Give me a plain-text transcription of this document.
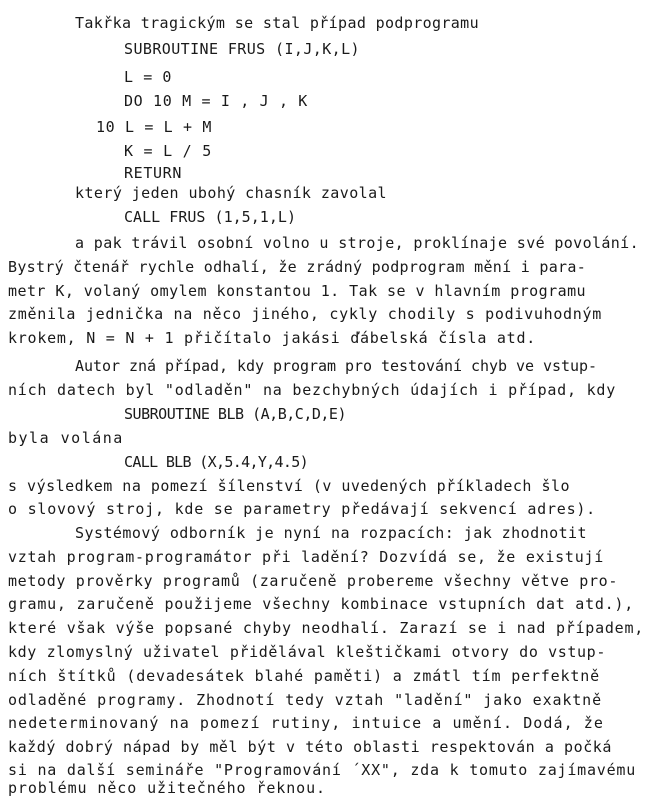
Takřka tragickým se stal případ podprogramu
SUBROUTINE FRUS (I,J,K,L)
L = 0
DO 10 M = I , J , K
10 L = L + M
K = L / 5
RETURN
který jeden ubohý chasník zavolal
CALL FRUS (1,5,1,L)
a pak trávil osobní volno u stroje, proklínaje své povolání.
Bystrý čtenář rychle odhalí, že zrádný podprogram mění i para-
metr K, volaný omylem konstantou 1. Tak se v hlavním programu
změnila jednička na něco jiného, cykly chodily s podivuhodným
krokem, N = N + 1 přičítalo jakási ďábelská čísla atd.
Autor zná případ, kdy program pro testování chyb ve vstup-
ních datech byl "odladěn" na bezchybných údajích i případ, kdy
SUBROUTINE BLB (A,B,C,D,E)
byla volána
CALL BLB (X,5.4,Y,4.5)
s výsledkem na pomezí šílenství (v uvedených příkladech šlo
o slovový stroj, kde se parametry předávají sekvencí adres).
Systémový odborník je nyní na rozpacích: jak zhodnotit
vztah program-programátor při ladění? Dozvídá se, že existují
metody prověrky programů (zaručeně probereme všechny větve pro-
gramu, zaručeně použijeme všechny kombinace vstupních dat atd.),
které však výše popsané chyby neodhalí. Zarazí se i nad případem,
kdy zlomyslný uživatel přidělával kleštičkami otvory do vstup-
ních štítků (devadesátek blahé paměti) a zmátl tím perfektně
odladěné programy. Zhodnotí tedy vztah "ladění" jako exaktně
nedeterminovaný na pomezí rutiny, intuice a umění. Dodá, že
každý dobrý nápad by měl být v této oblasti respektován a počká
si na další semináře "Programování ´XX", zda k tomuto zajímavému
problému něco užitečného řeknou.
